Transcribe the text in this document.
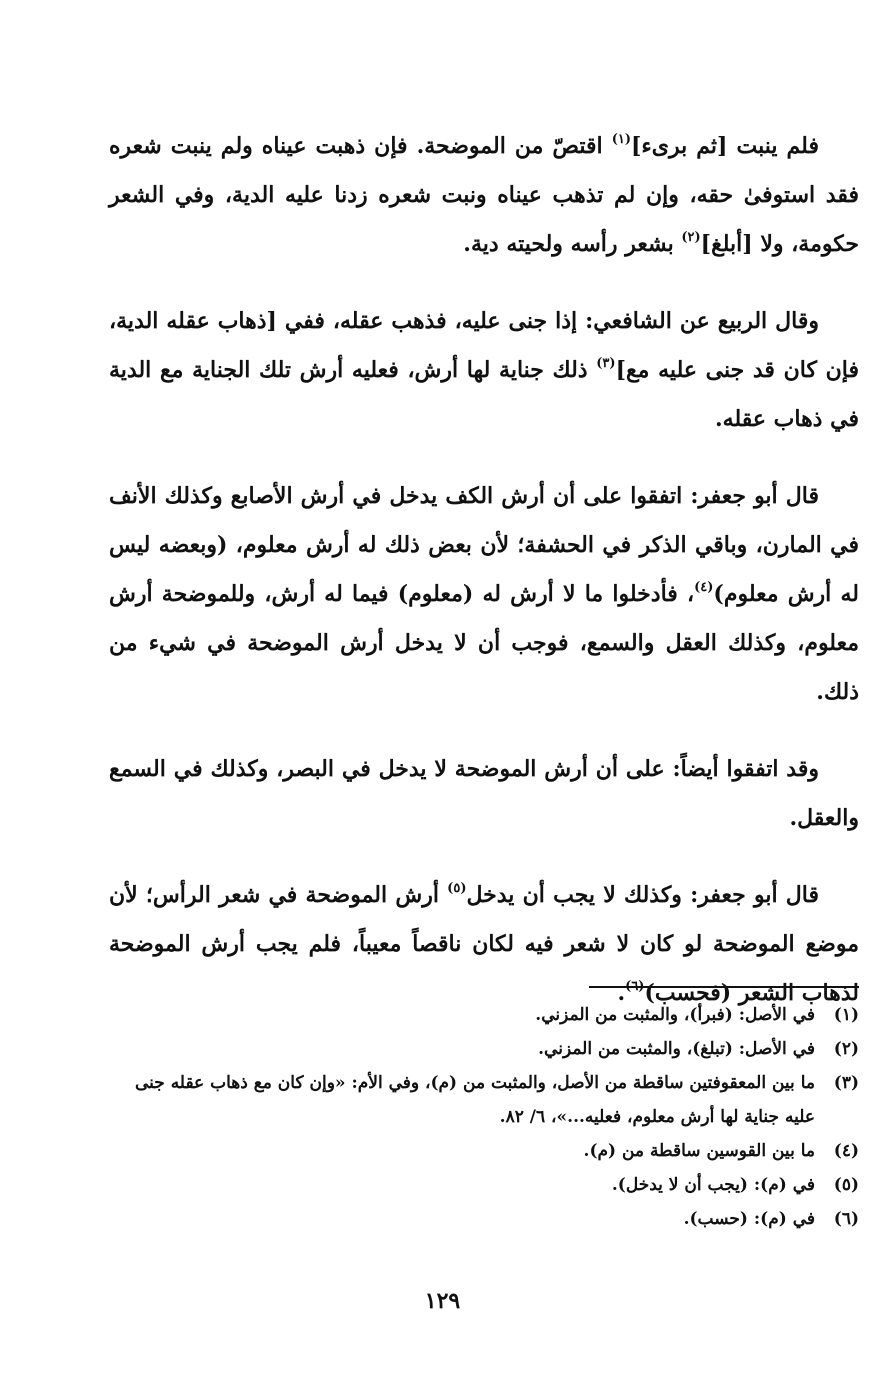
فلم ينبت [ثم برىء]$^{(١)}$ اقتصّ من الموضحة. فإن ذهبت عيناه ولم ينبت شعره فقد استوفىٰ حقه، وإن لم تذهب عيناه ونبت شعره زدنا عليه الدية، وفي الشعر حكومة، ولا [أبلغ]$^{(٢)}$ بشعر رأسه ولحيته دية.

وقال الربيع عن الشافعي: إذا جنى عليه، فذهب عقله، ففي [ذهاب عقله الدية، فإن كان قد جنى عليه مع]$^{(٣)}$ ذلك جناية لها أرش، فعليه أرش تلك الجناية مع الدية في ذهاب عقله.

قال أبو جعفر: اتفقوا على أن أرش الكف يدخل في أرش الأصابع وكذلك الأنف في المارن، وباقي الذكر في الحشفة؛ لأن بعض ذلك له أرش معلوم، (وبعضه ليس له أرش معلوم)$^{(٤)}$، فأدخلوا ما لا أرش له (معلوم) فيما له أرش، وللموضحة أرش معلوم، وكذلك العقل والسمع، فوجب أن لا يدخل أرش الموضحة في شيء من ذلك.

وقد اتفقوا أيضاً: على أن أرش الموضحة لا يدخل في البصر، وكذلك في السمع والعقل.

قال أبو جعفر: وكذلك لا يجب أن يدخل$^{(٥)}$ أرش الموضحة في شعر الرأس؛ لأن موضع الموضحة لو كان لا شعر فيه لكان ناقصاً معيباً، فلم يجب أرش الموضحة لذهاب الشعر (فحسب)$^{(٦)}$.

(١)
في الأصل: (فبرأ)، والمثبت من المزني.
(٢)
في الأصل: (تبلغ)، والمثبت من المزني.
(٣)
ما بين المعقوفتين ساقطة من الأصل، والمثبت من (م)، وفي الأم: «وإن كان مع ذهاب عقله جنى عليه جناية لها أرش معلوم، فعليه...»، ٦/ ٨٢.
(٤)
ما بين القوسين ساقطة من (م).
(٥)
في (م): (يجب أن لا يدخل).
(٦)
في (م): (حسب).
١٢٩
